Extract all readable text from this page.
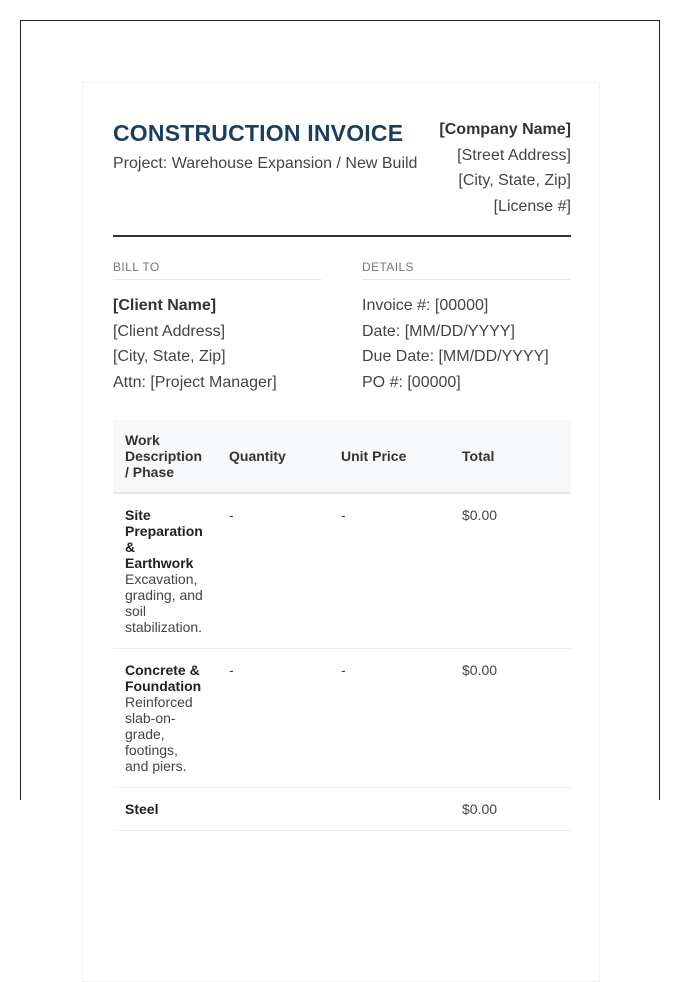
CONSTRUCTION INVOICE
Project: Warehouse Expansion / New Build
[Company Name]
[Street Address]
[City, State, Zip]
[License #]
BILL TO
[Client Name]
[Client Address]
[City, State, Zip]
Attn: [Project Manager]
DETAILS
Invoice #: [00000]
Date: [MM/DD/YYYY]
Due Date: [MM/DD/YYYY]
PO #: [00000]
Work Description / Phase	Quantity	Unit Price	Total

Site Preparation & Earthwork
Excavation, grading, and soil stabilization.	-	-	$0.00

Concrete & Foundation
Reinforced slab-on-grade, footings, and piers.	-	-	$0.00

Steel			$0.00
